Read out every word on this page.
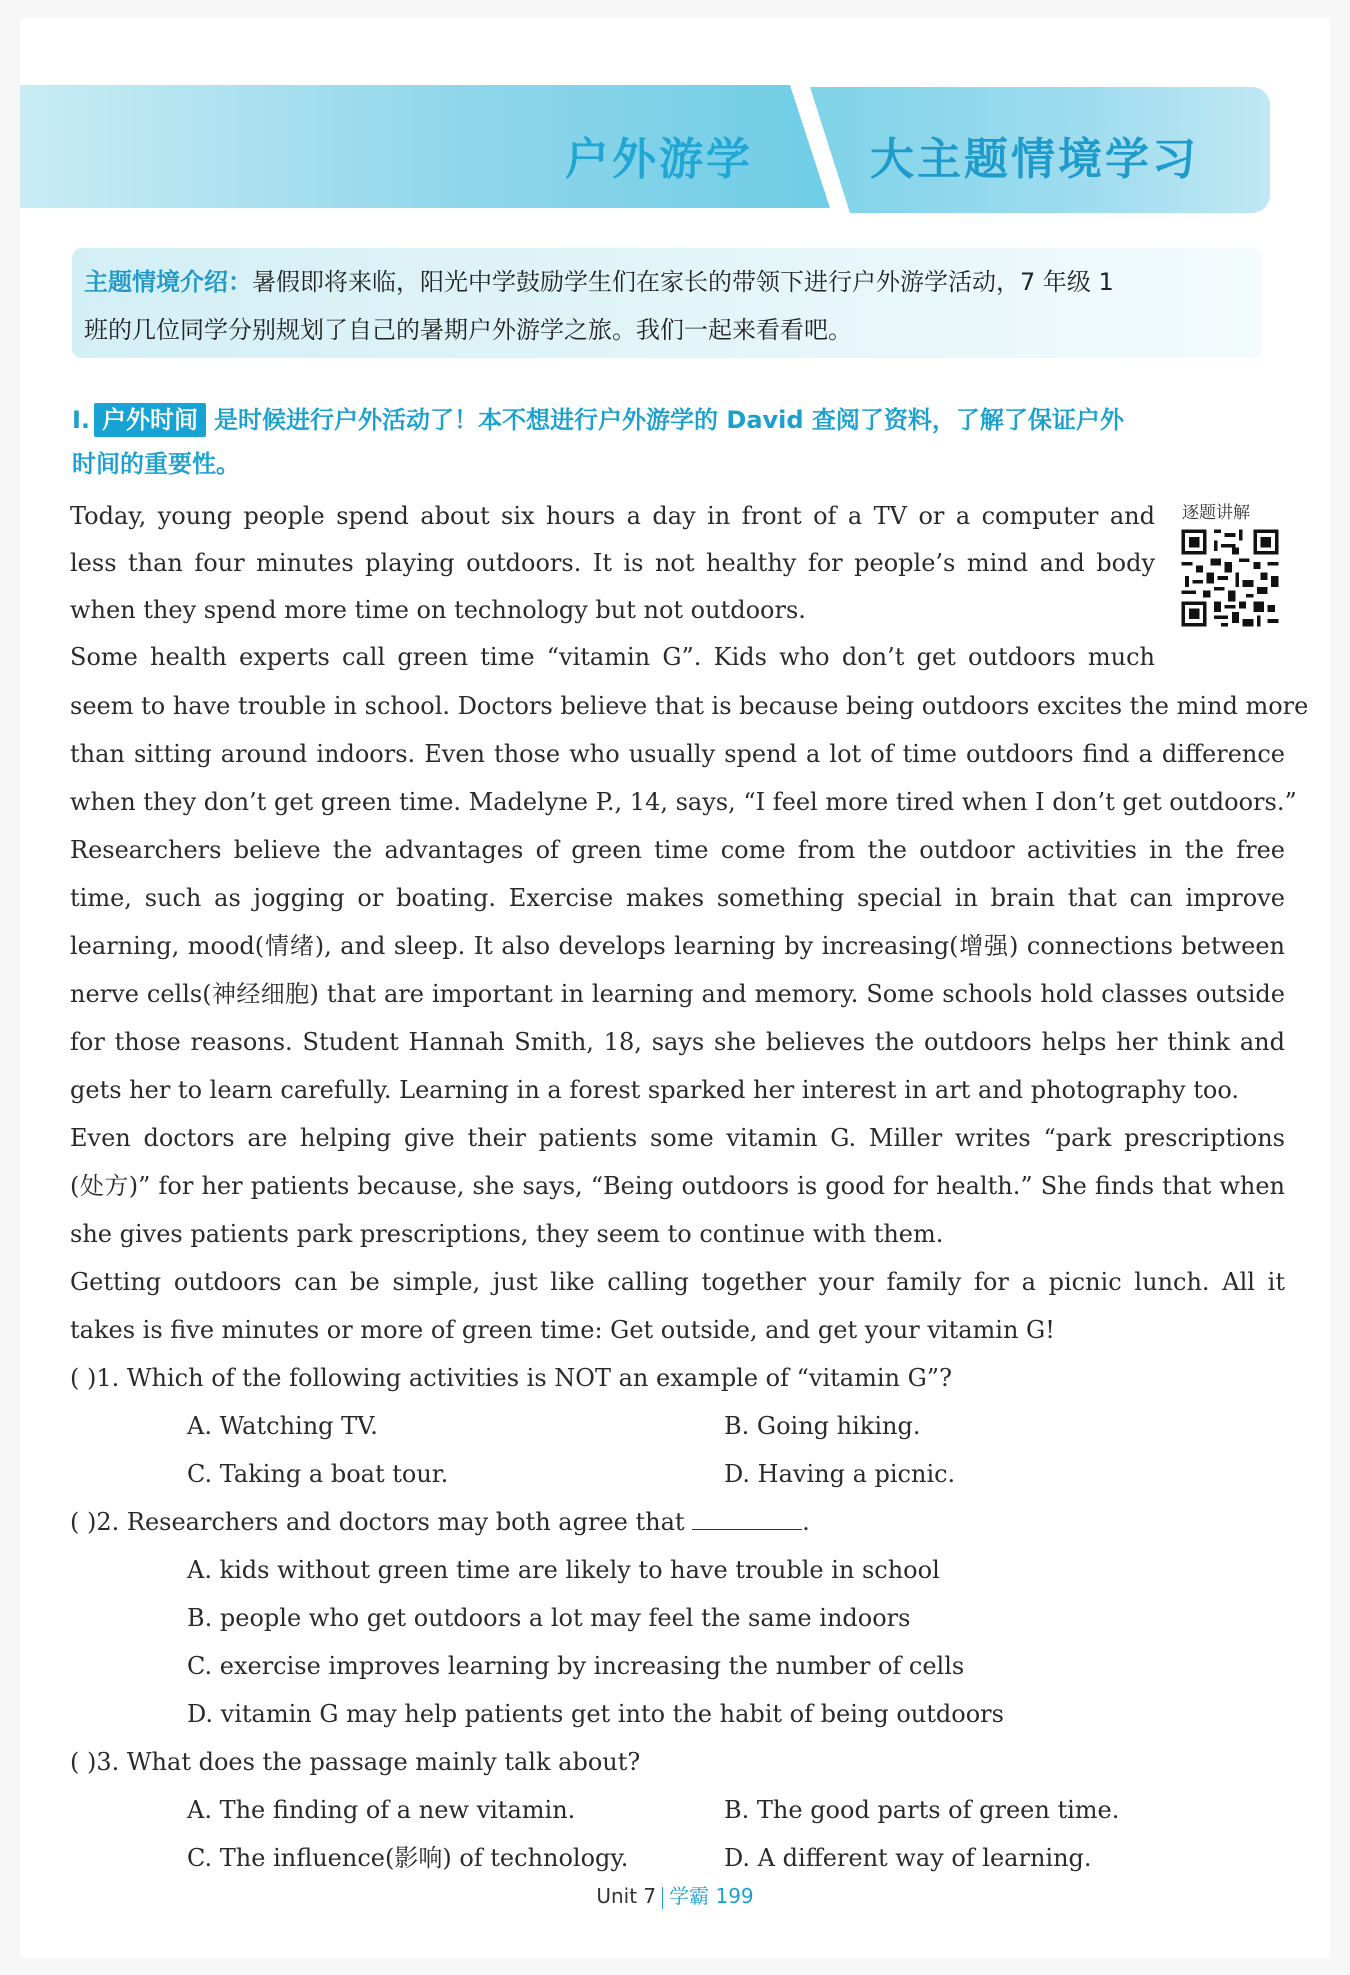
户外游学	大主题情境学习
主题情境介绍：暑假即将来临，阳光中学鼓励学生们在家长的带领下进行户外游学活动，7 年级 1
班的几位同学分别规划了自己的暑期户外游学之旅。我们一起来看看吧。
Ⅰ. 户外时间 是时候进行户外活动了！本不想进行户外游学的 David 查阅了资料，了解了保证户外
时间的重要性。
逐题讲解
Today, young people spend about six hours a day in front of a TV or a computer and
less than four minutes playing outdoors. It is not healthy for people’s mind and body
when they spend more time on technology but not outdoors.
Some health experts call green time “vitamin G”. Kids who don’t get outdoors much
seem to have trouble in school. Doctors believe that is because being outdoors excites the mind more
than sitting around indoors. Even those who usually spend a lot of time outdoors find a difference
when they don’t get green time. Madelyne P., 14, says, “I feel more tired when I don’t get outdoors.”
Researchers believe the advantages of green time come from the outdoor activities in the free
time, such as jogging or boating. Exercise makes something special in brain that can improve
learning, mood(情绪), and sleep. It also develops learning by increasing(增强) connections between
nerve cells(神经细胞) that are important in learning and memory. Some schools hold classes outside
for those reasons. Student Hannah Smith, 18, says she believes the outdoors helps her think and
gets her to learn carefully. Learning in a forest sparked her interest in art and photography too.
Even doctors are helping give their patients some vitamin G. Miller writes “park prescriptions
(处方)” for her patients because, she says, “Being outdoors is good for health.” She finds that when
she gives patients park prescriptions, they seem to continue with them.
Getting outdoors can be simple, just like calling together your family for a picnic lunch. All it
takes is five minutes or more of green time: Get outside, and get your vitamin G!
( )1. Which of the following activities is NOT an example of “vitamin G”?
A. Watching TV.	B. Going hiking.
C. Taking a boat tour.	D. Having a picnic.
( )2. Researchers and doctors may both agree that	.
A. kids without green time are likely to have trouble in school
B. people who get outdoors a lot may feel the same indoors
C. exercise improves learning by increasing the number of cells
D. vitamin G may help patients get into the habit of being outdoors
( )3. What does the passage mainly talk about?
A. The finding of a new vitamin.	B. The good parts of green time.
C. The influence(影响) of technology.	D. A different way of learning.
Unit 7 学霸 199
